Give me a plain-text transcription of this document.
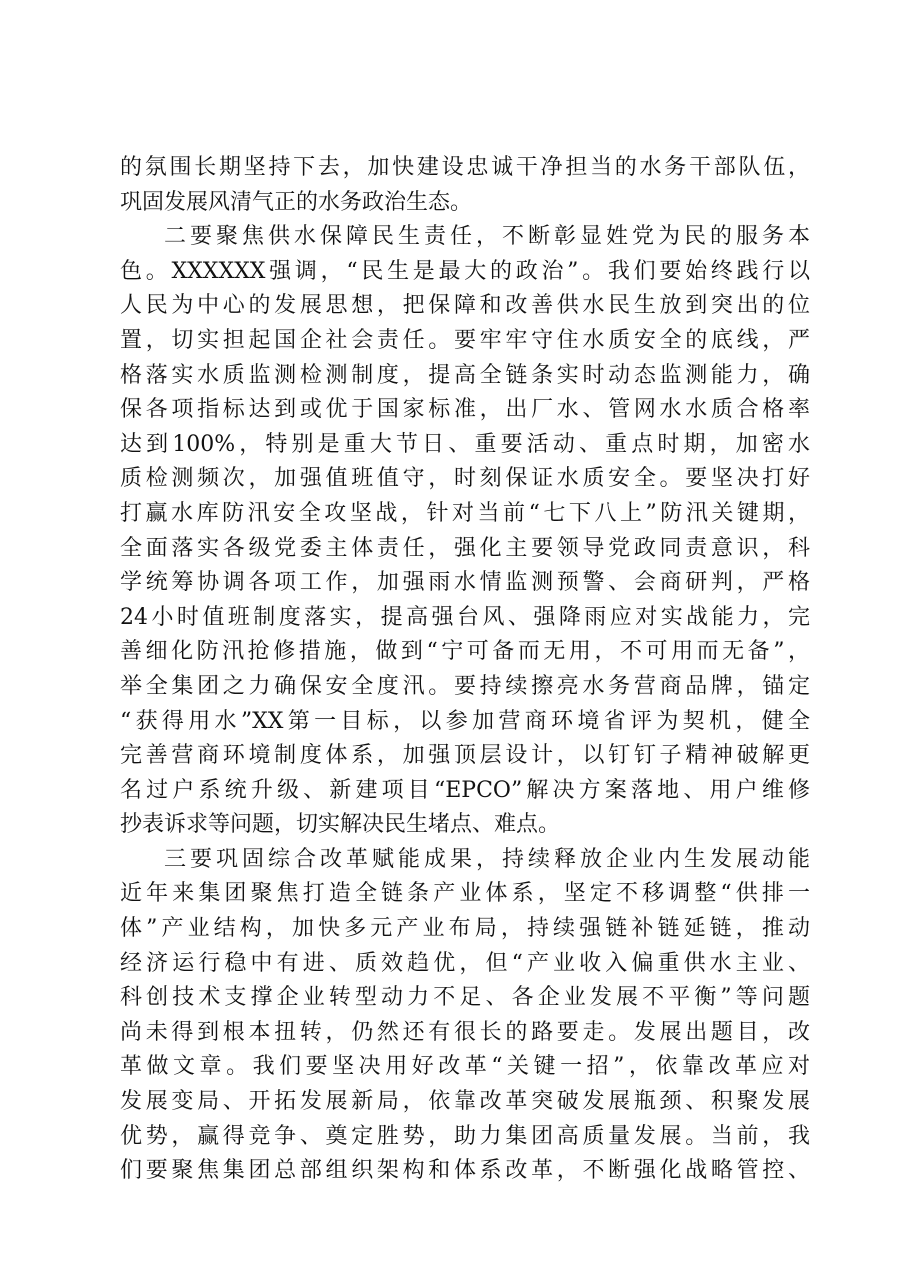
的氛围长期坚持下去，加快建设忠诚干净担当的水务干部队伍，
巩固发展风清气正的水务政治生态。
二要聚焦供水保障民生责任，不断彰显姓党为民的服务本
色。XXXXXX强调，“民生是最大的政治”。我们要始终践行以
人民为中心的发展思想，把保障和改善供水民生放到突出的位
置，切实担起国企社会责任。要牢牢守住水质安全的底线，严
格落实水质监测检测制度，提高全链条实时动态监测能力，确
保各项指标达到或优于国家标准，出厂水、管网水水质合格率
达到100%，特别是重大节日、重要活动、重点时期，加密水
质检测频次，加强值班值守，时刻保证水质安全。要坚决打好
打赢水库防汛安全攻坚战，针对当前“七下八上”防汛关键期，
全面落实各级党委主体责任，强化主要领导党政同责意识，科
学统筹协调各项工作，加强雨水情监测预警、会商研判，严格
24小时值班制度落实，提高强台风、强降雨应对实战能力，完
善细化防汛抢修措施，做到“宁可备而无用，不可用而无备”，
举全集团之力确保安全度汛。要持续擦亮水务营商品牌，锚定
“获得用水”XX第一目标，以参加营商环境省评为契机，健全
完善营商环境制度体系，加强顶层设计，以钉钉子精神破解更
名过户系统升级、新建项目“EPCO”解决方案落地、用户维修
抄表诉求等问题，切实解决民生堵点、难点。
三要巩固综合改革赋能成果，持续释放企业内生发展动能
近年来集团聚焦打造全链条产业体系，坚定不移调整“供排一
体”产业结构，加快多元产业布局，持续强链补链延链，推动
经济运行稳中有进、质效趋优，但“产业收入偏重供水主业、
科创技术支撑企业转型动力不足、各企业发展不平衡”等问题
尚未得到根本扭转，仍然还有很长的路要走。发展出题目，改
革做文章。我们要坚决用好改革“关键一招”，依靠改革应对
发展变局、开拓发展新局，依靠改革突破发展瓶颈、积聚发展
优势，赢得竞争、奠定胜势，助力集团高质量发展。当前，我
们要聚焦集团总部组织架构和体系改革，不断强化战略管控、
